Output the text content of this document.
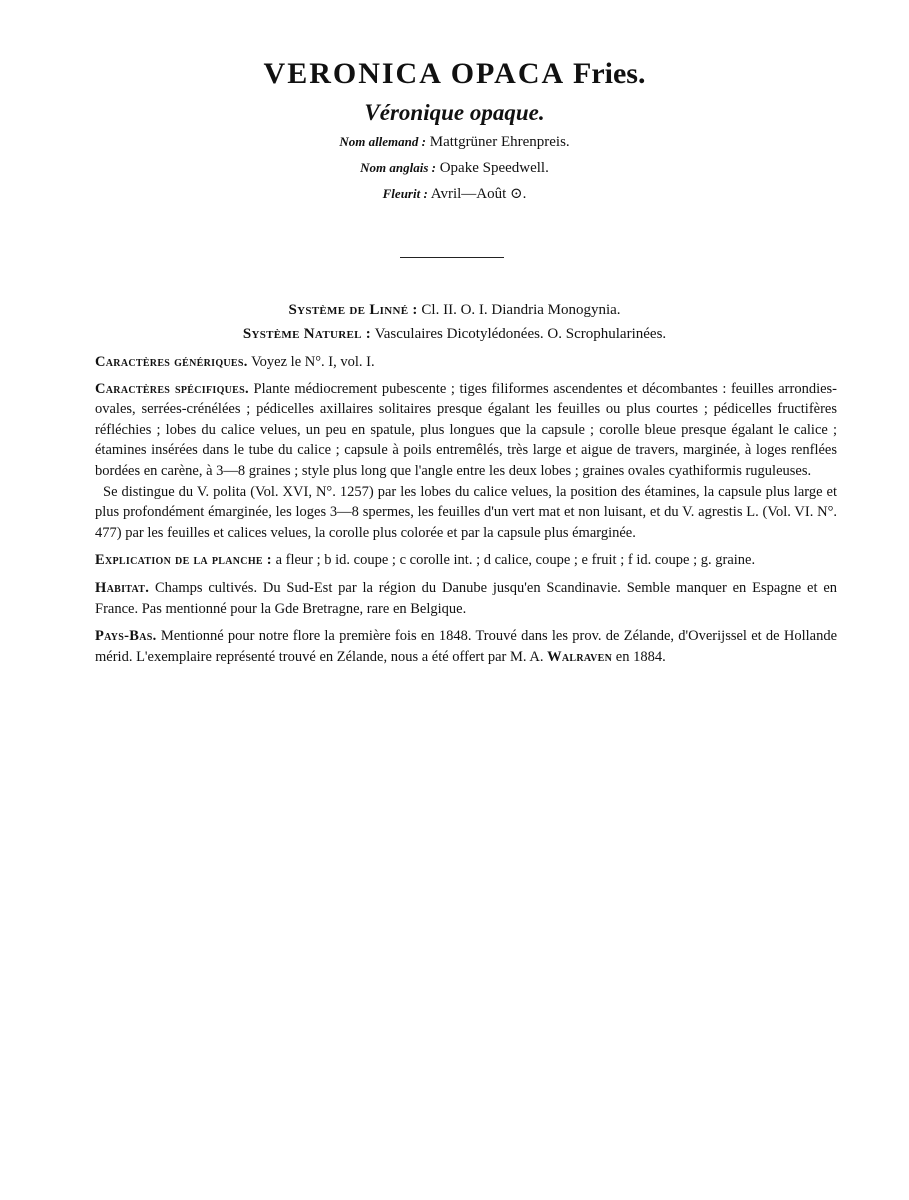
VERONICA OPACA Fries.
Véronique opaque.
Nom allemand : Mattgrüner Ehrenpreis.
Nom anglais : Opake Speedwell.
Fleurit : Avril—Août ⊙.
Système de Linné : Cl. II. O. I. Diandria Monogynia.
Système Naturel : Vasculaires Dicotylédonées. O. Scrophularinées.

Caractères génériques. Voyez le N°. I, vol. I.

Caractères spécifiques. Plante médiocrement pubescente ; tiges filiformes ascendentes et décombantes : feuilles arrondies-ovales, serrées-crénélées ; pédicelles axillaires solitaires presque égalant les feuilles ou plus courtes ; pédicelles fructifères réfléchies ; lobes du calice velues, un peu en spatule, plus longues que la capsule ; corolle bleue presque égalant le calice ; étamines insérées dans le tube du calice ; capsule à poils entremêlés, très large et aigue de travers, marginée, à loges renflées bordées en carène, à 3—8 graines ; style plus long que l'angle entre les deux lobes ; graines ovales cyathiformis ruguleuses.

Se distingue du V. polita (Vol. XVI, N°. 1257) par les lobes du calice velues, la position des étamines, la capsule plus large et plus profondément émarginée, les loges 3—8 spermes, les feuilles d'un vert mat et non luisant, et du V. agrestis L. (Vol. VI. N°. 477) par les feuilles et calices velues, la corolle plus colorée et par la capsule plus émarginée.

Explication de la planche : a fleur ; b id. coupe ; c corolle int. ; d calice, coupe ; e fruit ; f id. coupe ; g. graine.

Habitat. Champs cultivés. Du Sud-Est par la région du Danube jusqu'en Scandinavie. Semble manquer en Espagne et en France. Pas mentionné pour la Gde Bretragne, rare en Belgique.

Pays-Bas. Mentionné pour notre flore la première fois en 1848. Trouvé dans les prov. de Zélande, d'Overijssel et de Hollande mérid. L'exemplaire représenté trouvé en Zélande, nous a été offert par M. A. Walraven en 1884.
